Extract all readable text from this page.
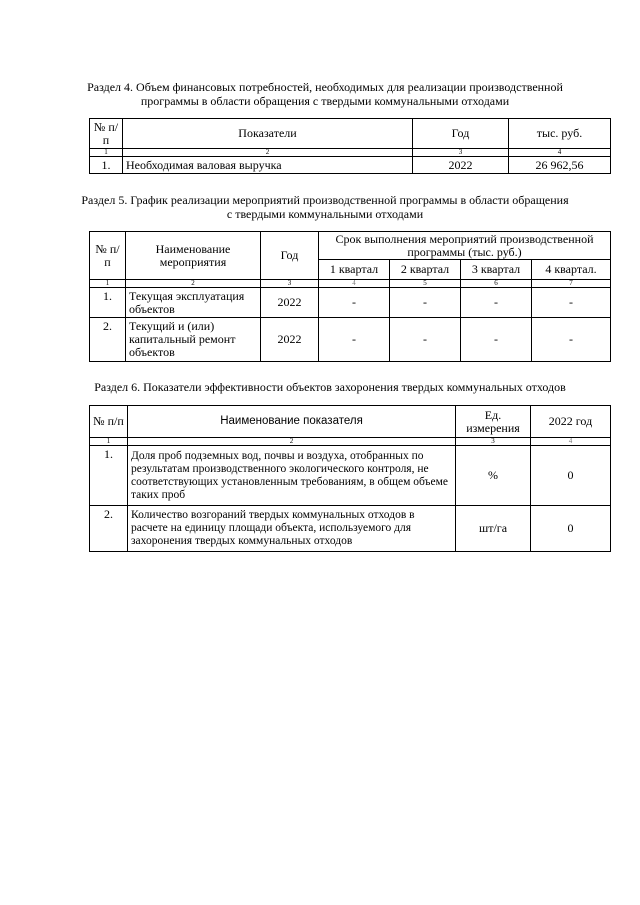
Раздел 4. Объем финансовых потребностей, необходимых для реализации производственной программы в области обращения с твердыми коммунальными отходами
№ п/п	Показатели	Год	тыс. руб.
1	2	3	4
1.	Необходимая валовая выручка	2022	26 962,56
Раздел 5. График реализации мероприятий производственной программы в области обращения с твердыми коммунальными отходами
№ п/п	Наименование мероприятия	Год	Срок выполнения мероприятий производственной программы (тыс. руб.)			
			1 квартал	2 квартал	3 квартал	4 квартал.
1	2	3	4	5	6	7
1.	Текущая эксплуатация объектов	2022	-	-	-	-
2.	Текущий и (или) капитальный ремонт объектов	2022	-	-	-	-
Раздел 6. Показатели эффективности объектов захоронения твердых коммунальных отходов
№ п/п	Наименование показателя	Ед. измерения	2022 год
1	2	3	4
1.	Доля проб подземных вод, почвы и воздуха, отобранных по результатам производственного экологического контроля, не соответствующих установленным требованиям, в общем объеме таких проб	%	0
2.	Количество возгораний твердых коммунальных отходов в расчете на единицу площади объекта, используемого для захоронения твердых коммунальных отходов	шт/га	0
